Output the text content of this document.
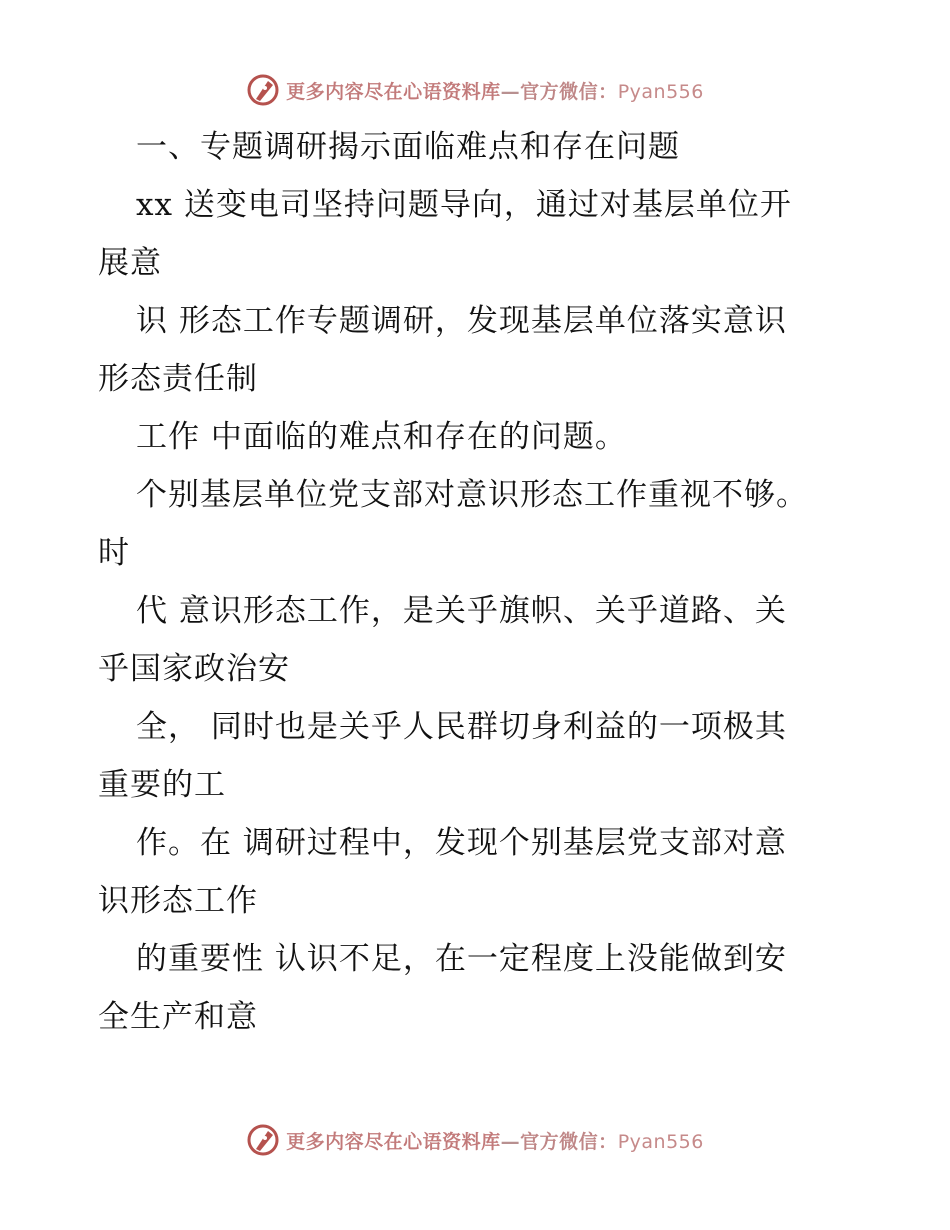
更多内容尽在心语资料库—官方微信：Pyan556
一、专题调研揭示面临难点和存在问题
xx 送变电司坚持问题导向，通过对基层单位开
展意
识 形态工作专题调研，发现基层单位落实意识
形态责任制
工作 中面临的难点和存在的问题。
个别基层单位党支部对意识形态工作重视不够。
时
代 意识形态工作，是关乎旗帜、关乎道路、关
乎国家政治安
全， 同时也是关乎人民群切身利益的一项极其
重要的工
作。在 调研过程中，发现个别基层党支部对意
识形态工作
的重要性 认识不足，在一定程度上没能做到安
全生产和意
更多内容尽在心语资料库—官方微信：Pyan556
